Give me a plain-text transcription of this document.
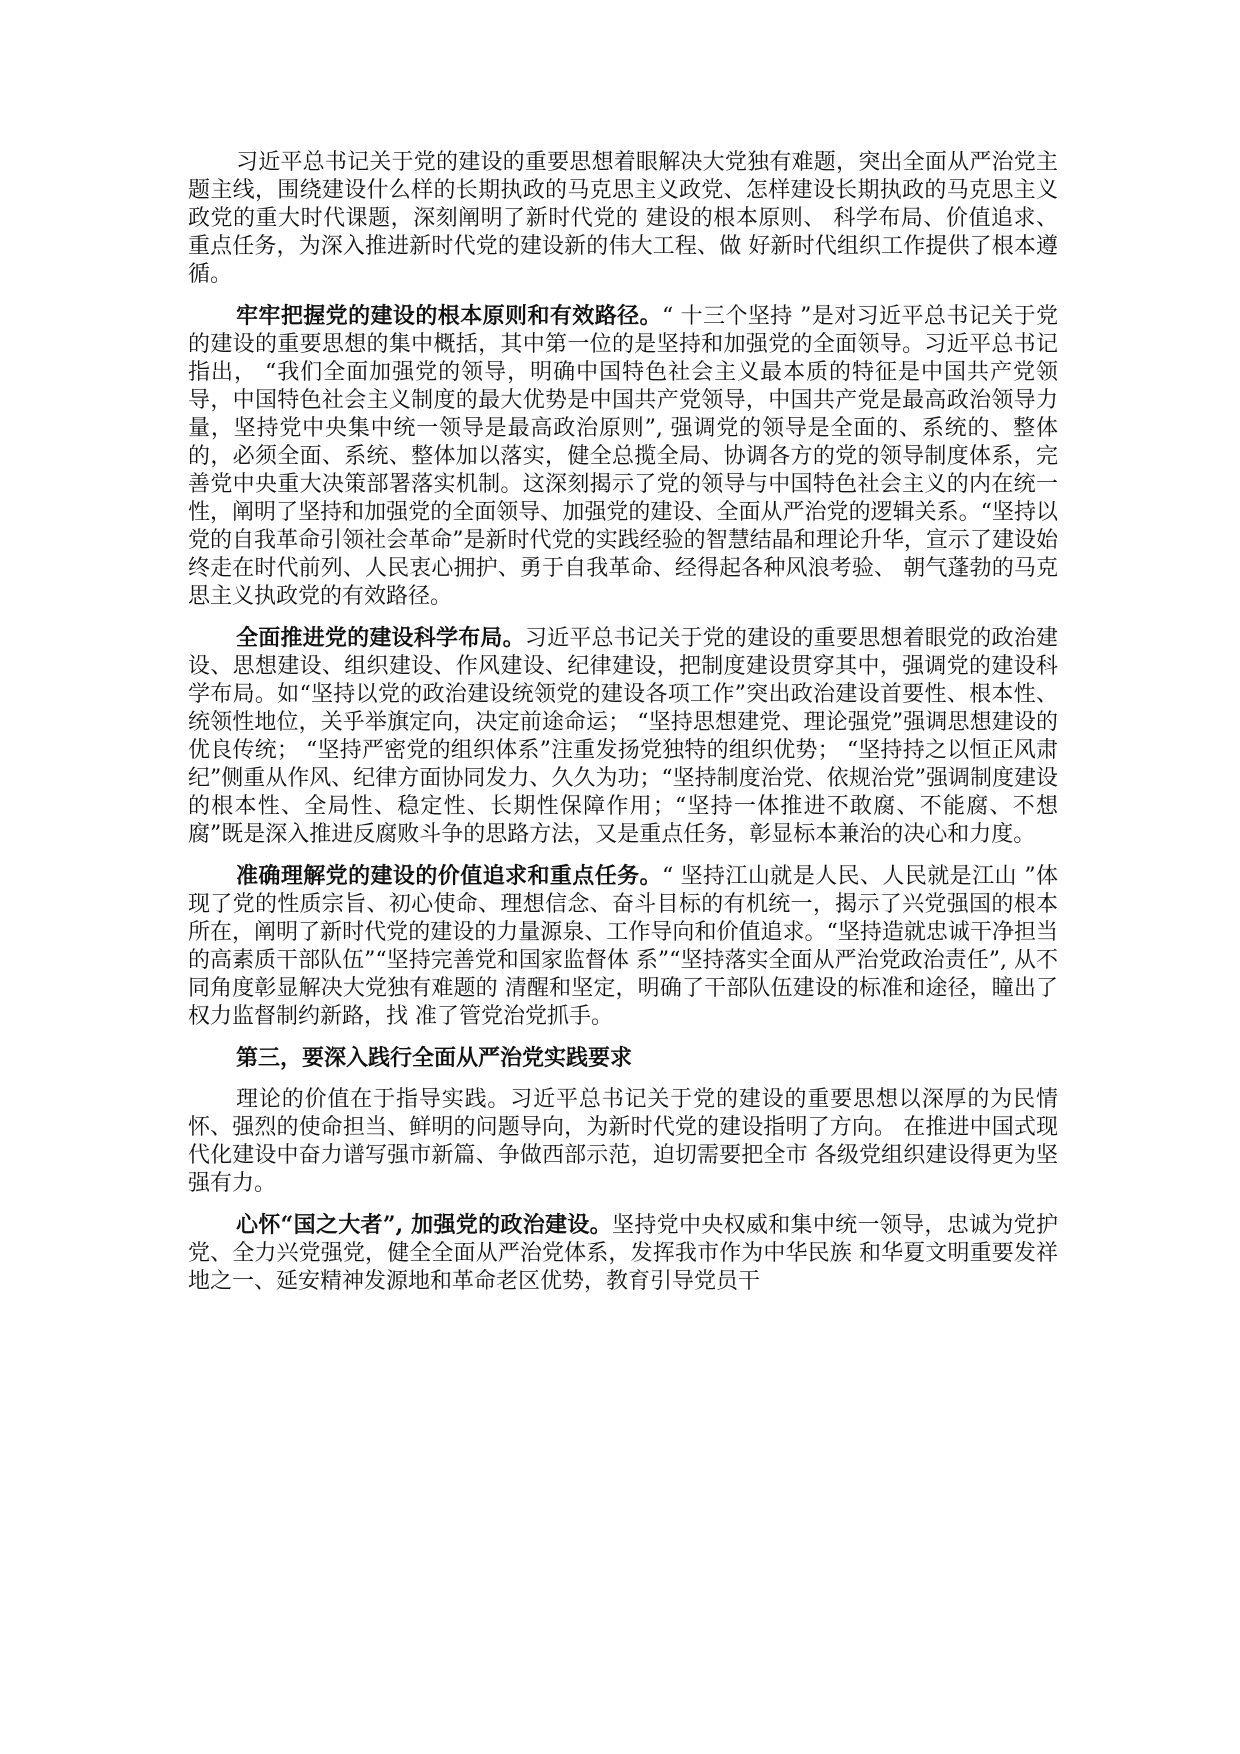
习近平总书记关于党的建设的重要思想着眼解决大党独有难题，突出全面从严治党主题主线，围绕建设什么样的长期执政的马克思主义政党、怎样建设长期执政的马克思主义政党的重大时代课题，深刻阐明了新时代党的 建设的根本原则、 科学布局、价值追求、重点任务，为深入推进新时代党的建设新的伟大工程、做 好新时代组织工作提供了根本遵循。

牢牢把握党的建设的根本原则和有效路径。“ 十三个坚持 ”是对习近平总书记关于党的建设的重要思想的集中概括，其中第一位的是坚持和加强党的全面领导。习近平总书记指出， “我们全面加强党的领导，明确中国特色社会主义最本质的特征是中国共产党领导，中国特色社会主义制度的最大优势是中国共产党领导，中国共产党是最高政治领导力量，坚持党中央集中统一领导是最高政治原则”, 强调党的领导是全面的、系统的、整体的，必须全面、系统、整体加以落实，健全总揽全局、协调各方的党的领导制度体系，完善党中央重大决策部署落实机制。这深刻揭示了党的领导与中国特色社会主义的内在统一性，阐明了坚持和加强党的全面领导、加强党的建设、全面从严治党的逻辑关系。“坚持以党的自我革命引领社会革命”是新时代党的实践经验的智慧结晶和理论升华，宣示了建设始终走在时代前列、人民衷心拥护、勇于自我革命、经得起各种风浪考验、 朝气蓬勃的马克思主义执政党的有效路径。

全面推进党的建设科学布局。习近平总书记关于党的建设的重要思想着眼党的政治建设、思想建设、组织建设、作风建设、纪律建设，把制度建设贯穿其中，强调党的建设科学布局。如“坚持以党的政治建设统领党的建设各项工作”突出政治建设首要性、根本性、统领性地位，关乎举旗定向，决定前途命运； “坚持思想建党、理论强党”强调思想建设的优良传统； “坚持严密党的组织体系”注重发扬党独特的组织优势； “坚持持之以恒正风肃纪”侧重从作风、纪律方面协同发力、久久为功；“坚持制度治党、依规治党”强调制度建设的根本性、全局性、稳定性、长期性保障作用；“坚持一体推进不敢腐、不能腐、不想腐”既是深入推进反腐败斗争的思路方法，又是重点任务，彰显标本兼治的决心和力度。

准确理解党的建设的价值追求和重点任务。“ 坚持江山就是人民、人民就是江山 ”体现了党的性质宗旨、初心使命、理想信念、奋斗目标的有机统一，揭示了兴党强国的根本所在，阐明了新时代党的建设的力量源泉、工作导向和价值追求。“坚持造就忠诚干净担当的高素质干部队伍”“坚持完善党和国家监督体 系”“坚持落实全面从严治党政治责任”, 从不同角度彰显解决大党独有难题的 清醒和坚定，明确了干部队伍建设的标准和途径，瞳出了权力监督制约新路，找 准了管党治党抓手。

第三，要深入践行全面从严治党实践要求

理论的价值在于指导实践。习近平总书记关于党的建设的重要思想以深厚的为民情怀、强烈的使命担当、鲜明的问题导向，为新时代党的建设指明了方向。 在推进中国式现代化建设中奋力谱写强市新篇、争做西部示范，迫切需要把全市 各级党组织建设得更为坚强有力。

心怀“国之大者”, 加强党的政治建设。坚持党中央权威和集中统一领导，忠诚为党护党、全力兴党强党，健全全面从严治党体系，发挥我市作为中华民族 和华夏文明重要发祥地之一、延安精神发源地和革命老区优势，教育引导党员干
